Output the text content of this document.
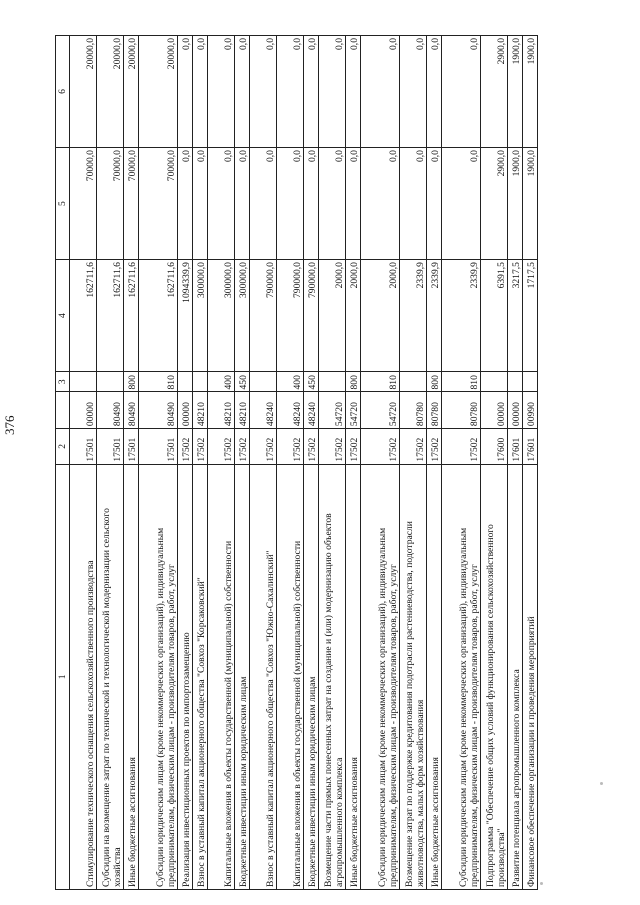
376
1	2		3	4	5	6
Стимулирование технического оснащения сельскохозяйственного производства	17501	00000		162711,6	70000,0	20000,0
Субсидии на возмещение затрат по технической и технологической модернизации сельского хозяйства	17501	80490		162711,6	70000,0	20000,0
Иные бюджетные ассигнования	17501	80490	800	162711,6	70000,0	20000,0
Субсидии юридическим лицам (кроме некоммерческих организаций), индивидуальным предпринимателям, физическим лицам - производителям товаров, работ, услуг	17501	80490	810	162711,6	70000,0	20000,0
Реализация инвестиционных проектов по импортозамещению	17502	00000		1094339,9	0,0	0,0
Взнос в уставный капитал акционерного общества "Совхоз "Корсаковский"	17502	48210		300000,0	0,0	0,0
Капитальные вложения в объекты государственной (муниципальной) собственности	17502	48210	400	300000,0	0,0	0,0
Бюджетные инвестиции иным юридическим лицам	17502	48210	450	300000,0	0,0	0,0
Взнос в уставный капитал акционерного общества "Совхоз "Южно-Сахалинский"	17502	48240		790000,0	0,0	0,0
Капитальные вложения в объекты государственной (муниципальной) собственности	17502	48240	400	790000,0	0,0	0,0
Бюджетные инвестиции иным юридическим лицам	17502	48240	450	790000,0	0,0	0,0
Возмещение части прямых понесенных затрат на создание и (или) модернизацию объектов агропромышленного комплекса	17502	54720		2000,0	0,0	0,0
Иные бюджетные ассигнования	17502	54720	800	2000,0	0,0	0,0
Субсидии юридическим лицам (кроме некоммерческих организаций), индивидуальным предпринимателям, физическим лицам - производителям товаров, работ, услуг	17502	54720	810	2000,0	0,0	0,0
Возмещение затрат по поддержке кредитования подотрасли растениеводства, подотрасли животноводства, малых форм хозяйствования	17502	80780		2339,9	0,0	0,0
Иные бюджетные ассигнования	17502	80780	800	2339,9	0,0	0,0
Субсидии юридическим лицам (кроме некоммерческих организаций), индивидуальным предпринимателям, физическим лицам - производителям товаров, работ, услуг	17502	80780	810	2339,9	0,0	0,0
Подпрограмма "Обеспечение общих условий функционирования сельскохозяйственного производства"	17600	00000		6391,5	2900,0	2900,0
Развитие потенциала агропромышленного комплекса	17601	00000		3217,5	1900,0	1900,0
Финансовое обеспечение организации и проведения мероприятий	17601	00990		1717,5	1900,0	1900,0
